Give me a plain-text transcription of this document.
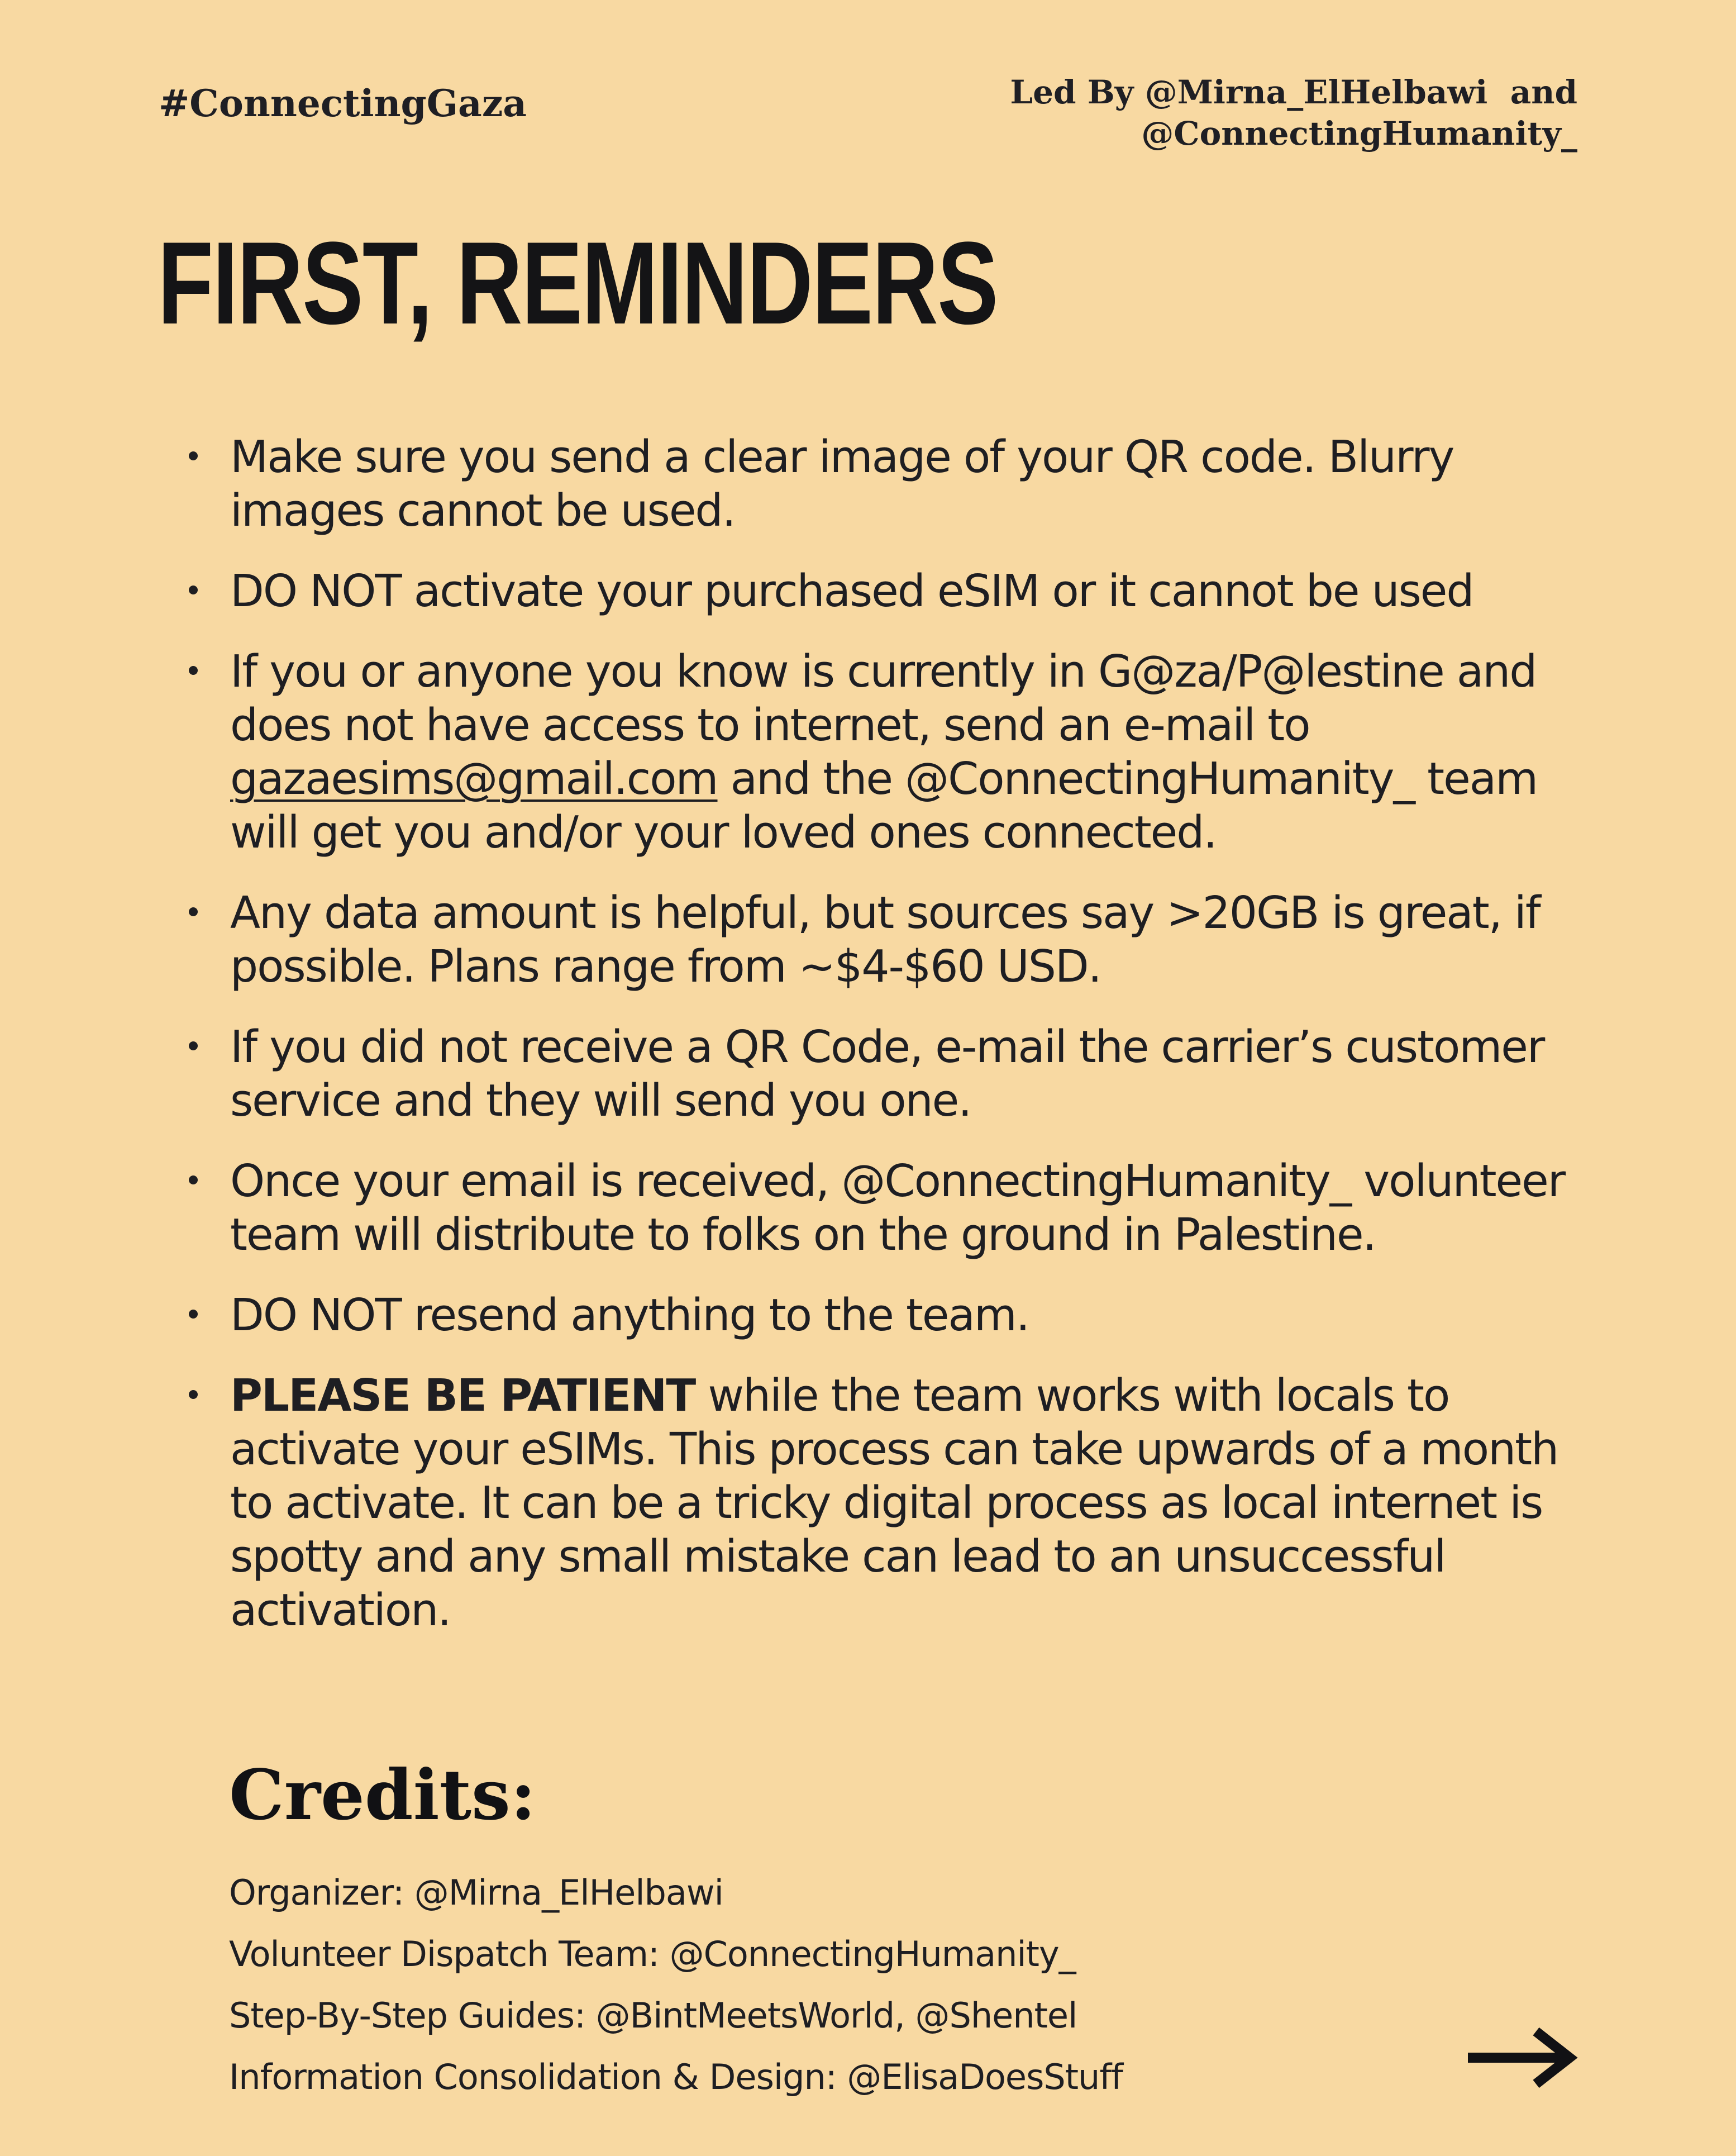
#ConnectingGaza	Led By @Mirna_ElHelbawi  and
@ConnectingHumanity_
FIRST, REMINDERS
Make sure you send a clear image of your QR code. Blurry images cannot be used.
DO NOT activate your purchased eSIM or it cannot be used
If you or anyone you know is currently in G@za/P@lestine and does not have access to internet, send an e-mail to gazaesims@gmail.com and the @ConnectingHumanity_ team will get you and/or your loved ones connected.
Any data amount is helpful, but sources say >20GB is great, if possible. Plans range from ~$4-$60 USD.
If you did not receive a QR Code, e-mail the carrier’s customer service and they will send you one.
Once your email is received, @ConnectingHumanity_ volunteer team will distribute to folks on the ground in Palestine.
DO NOT resend anything to the team.
PLEASE BE PATIENT while the team works with locals to activate your eSIMs. This process can take upwards of a month to activate. It can be a tricky digital process as local internet is spotty and any small mistake can lead to an unsuccessful activation.
Credits:
Organizer: @Mirna_ElHelbawi
Volunteer Dispatch Team: @ConnectingHumanity_
Step-By-Step Guides: @BintMeetsWorld, @Shentel
Information Consolidation & Design: @ElisaDoesStuff
